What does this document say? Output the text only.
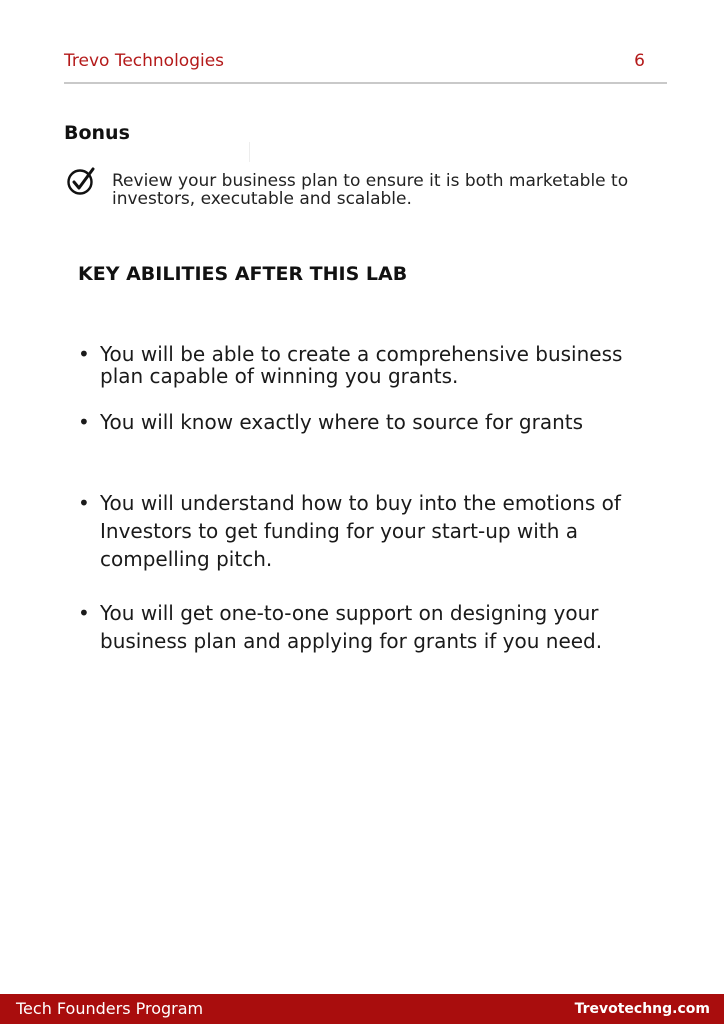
Trevo Technologies	6
Bonus
Review your business plan to ensure it is both marketable to investors, executable and scalable.
KEY ABILITIES AFTER THIS LAB
• You will be able to create a comprehensive business plan capable of winning you grants.
• You will know exactly where to source for grants
• You will understand how to buy into the emotions of Investors to get funding for your start-up with a compelling pitch.
• You will get one-to-one support on designing your business plan and applying for grants if you need.
Tech Founders Program	Trevotechng.com
